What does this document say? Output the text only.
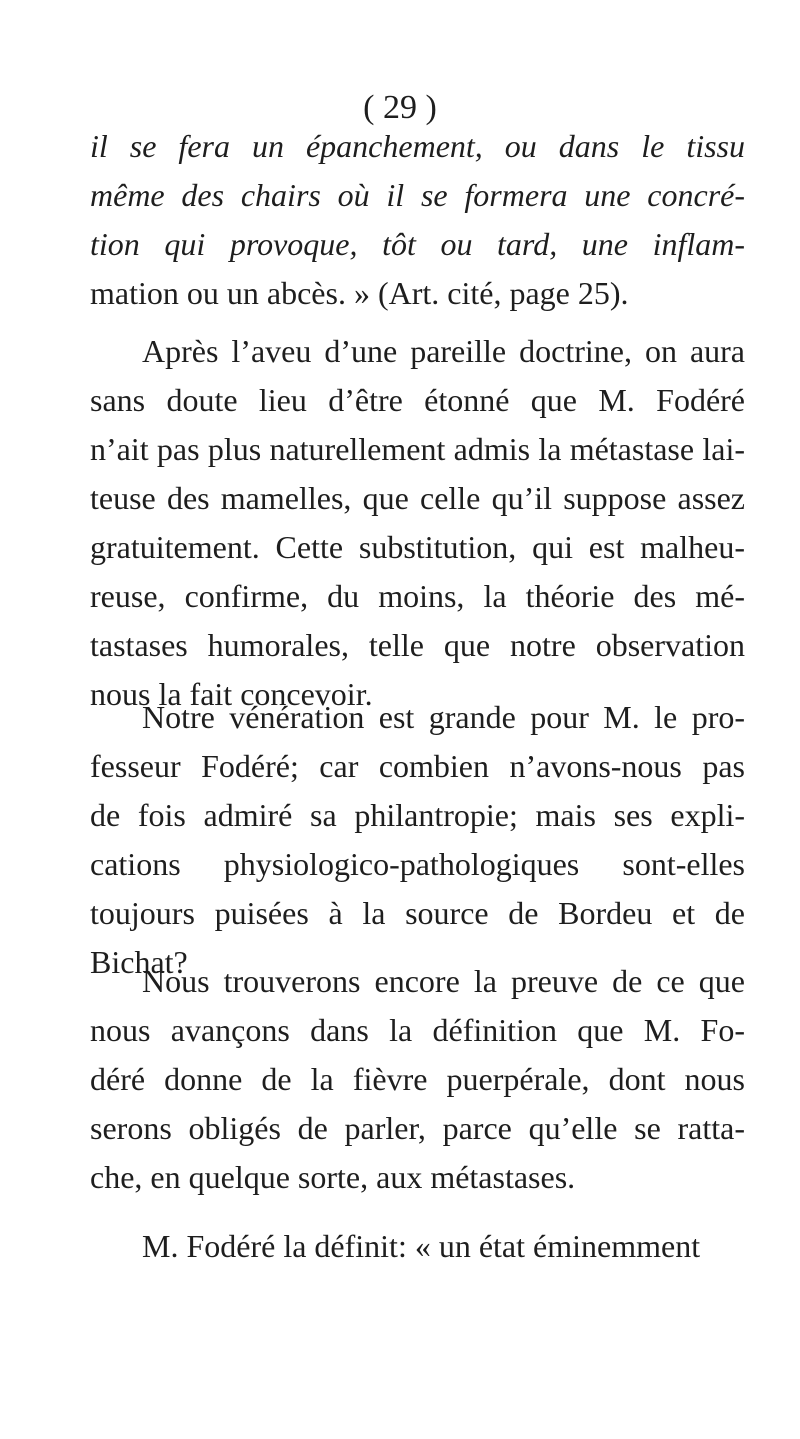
( 29 )
il se fera un épanchement, ou dans le tissu
même des chairs où il se formera une concré-
tion qui provoque, tôt ou tard, une inflam-
mation ou un abcès. » (Art. cité, page 25).
Après l’aveu d’une pareille doctrine, on aura
sans doute lieu d’être étonné que M. Fodéré
n’ait pas plus naturellement admis la métastase lai-
teuse des mamelles, que celle qu’il suppose assez
gratuitement. Cette substitution, qui est malheu-
reuse, confirme, du moins, la théorie des mé-
tastases humorales, telle que notre observation
nous la fait concevoir.
Notre vénération est grande pour M. le pro-
fesseur Fodéré; car combien n’avons-nous pas
de fois admiré sa philantropie; mais ses expli-
cations physiologico-pathologiques sont-elles
toujours puisées à la source de Bordeu et de
Bichat?
Nous trouverons encore la preuve de ce que
nous avançons dans la définition que M. Fo-
déré donne de la fièvre puerpérale, dont nous
serons obligés de parler, parce qu’elle se ratta-
che, en quelque sorte, aux métastases.
M. Fodéré la définit: « un état éminemment
